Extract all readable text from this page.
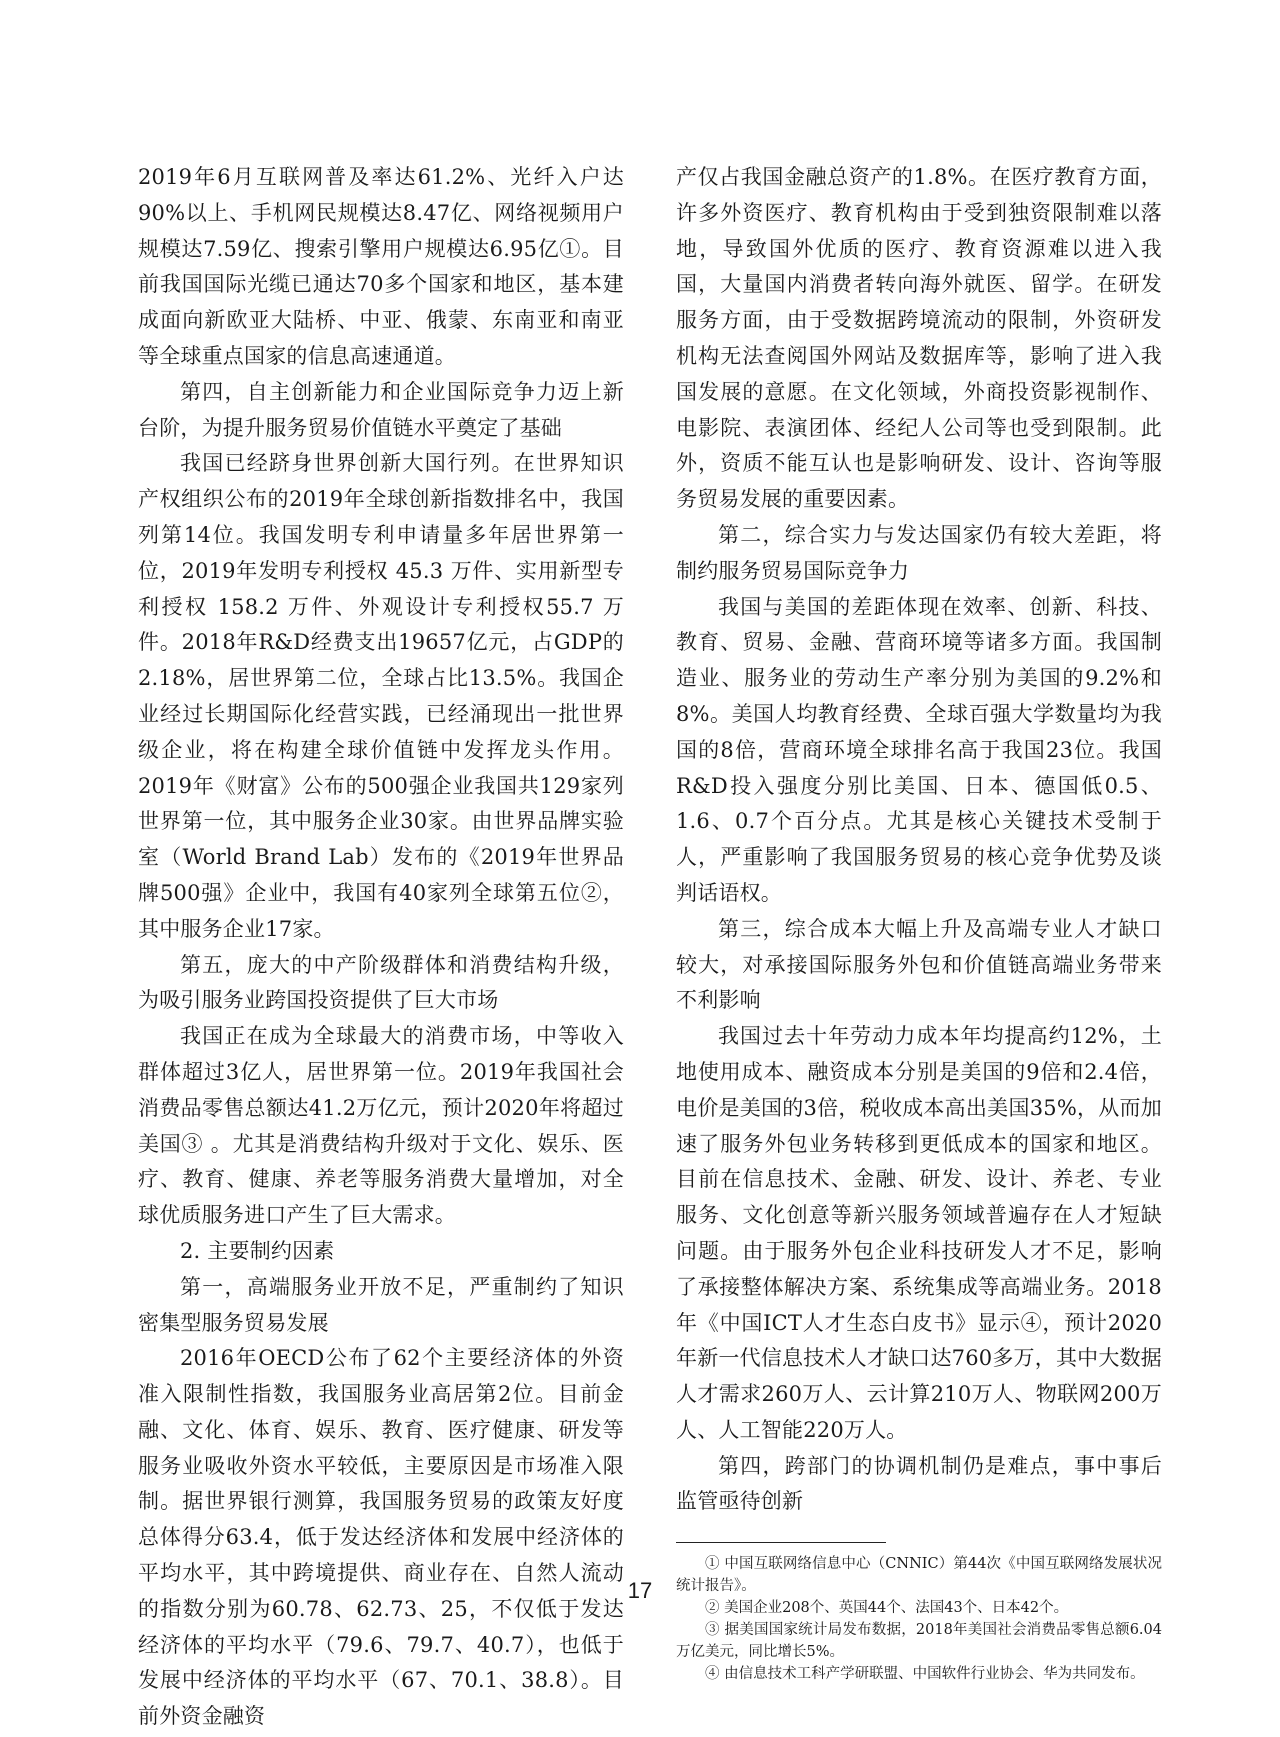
2019年6月互联网普及率达61.2%、光纤入户达90%以上、手机网民规模达8.47亿、网络视频用户规模达7.59亿、搜索引擎用户规模达6.95亿①。目前我国国际光缆已通达70多个国家和地区，基本建成面向新欧亚大陆桥、中亚、俄蒙、东南亚和南亚等全球重点国家的信息高速通道。

第四，自主创新能力和企业国际竞争力迈上新台阶，为提升服务贸易价值链水平奠定了基础

我国已经跻身世界创新大国行列。在世界知识产权组织公布的2019年全球创新指数排名中，我国列第14位。我国发明专利申请量多年居世界第一位，2019年发明专利授权 45.3 万件、实用新型专利授权 158.2 万件、外观设计专利授权55.7 万件。2018年R&D经费支出19657亿元，占GDP的2.18%，居世界第二位，全球占比13.5%。我国企业经过长期国际化经营实践，已经涌现出一批世界级企业，将在构建全球价值链中发挥龙头作用。2019年《财富》公布的500强企业我国共129家列世界第一位，其中服务企业30家。由世界品牌实验室（World Brand Lab）发布的《2019年世界品牌500强》企业中，我国有40家列全球第五位②，其中服务企业17家。

第五，庞大的中产阶级群体和消费结构升级，为吸引服务业跨国投资提供了巨大市场

我国正在成为全球最大的消费市场，中等收入群体超过3亿人，居世界第一位。2019年我国社会消费品零售总额达41.2万亿元，预计2020年将超过美国③ 。尤其是消费结构升级对于文化、娱乐、医疗、教育、健康、养老等服务消费大量增加，对全球优质服务进口产生了巨大需求。

2. 主要制约因素

第一，高端服务业开放不足，严重制约了知识密集型服务贸易发展

2016年OECD公布了62个主要经济体的外资准入限制性指数，我国服务业高居第2位。目前金融、文化、体育、娱乐、教育、医疗健康、研发等服务业吸收外资水平较低，主要原因是市场准入限制。据世界银行测算，我国服务贸易的政策友好度总体得分63.4，低于发达经济体和发展中经济体的平均水平，其中跨境提供、商业存在、自然人流动的指数分别为60.78、62.73、25，不仅低于发达经济体的平均水平（79.6、79.7、40.7），也低于发展中经济体的平均水平（67、70.1、38.8）。目前外资金融资

产仅占我国金融总资产的1.8%。在医疗教育方面，许多外资医疗、教育机构由于受到独资限制难以落地，导致国外优质的医疗、教育资源难以进入我国，大量国内消费者转向海外就医、留学。在研发服务方面，由于受数据跨境流动的限制，外资研发机构无法查阅国外网站及数据库等，影响了进入我国发展的意愿。在文化领域，外商投资影视制作、电影院、表演团体、经纪人公司等也受到限制。此外，资质不能互认也是影响研发、设计、咨询等服务贸易发展的重要因素。

第二，综合实力与发达国家仍有较大差距，将制约服务贸易国际竞争力

我国与美国的差距体现在效率、创新、科技、教育、贸易、金融、营商环境等诸多方面。我国制造业、服务业的劳动生产率分别为美国的9.2%和8%。美国人均教育经费、全球百强大学数量均为我国的8倍，营商环境全球排名高于我国23位。我国R&D投入强度分别比美国、日本、德国低0.5、1.6、0.7个百分点。尤其是核心关键技术受制于人，严重影响了我国服务贸易的核心竞争优势及谈判话语权。

第三，综合成本大幅上升及高端专业人才缺口较大，对承接国际服务外包和价值链高端业务带来不利影响

我国过去十年劳动力成本年均提高约12%，土地使用成本、融资成本分别是美国的9倍和2.4倍，电价是美国的3倍，税收成本高出美国35%，从而加速了服务外包业务转移到更低成本的国家和地区。目前在信息技术、金融、研发、设计、养老、专业服务、文化创意等新兴服务领域普遍存在人才短缺问题。由于服务外包企业科技研发人才不足，影响了承接整体解决方案、系统集成等高端业务。2018年《中国ICT人才生态白皮书》显示④，预计2020年新一代信息技术人才缺口达760多万，其中大数据人才需求260万人、云计算210万人、物联网200万人、人工智能220万人。

第四，跨部门的协调机制仍是难点，事中事后监管亟待创新

① 中国互联网络信息中心（CNNIC）第44次《中国互联网络发展状况统计报告》。

② 美国企业208个、英国44个、法国43个、日本42个。

③ 据美国国家统计局发布数据，2018年美国社会消费品零售总额6.04万亿美元，同比增长5%。

④ 由信息技术工科产学研联盟、中国软件行业协会、华为共同发布。

17
